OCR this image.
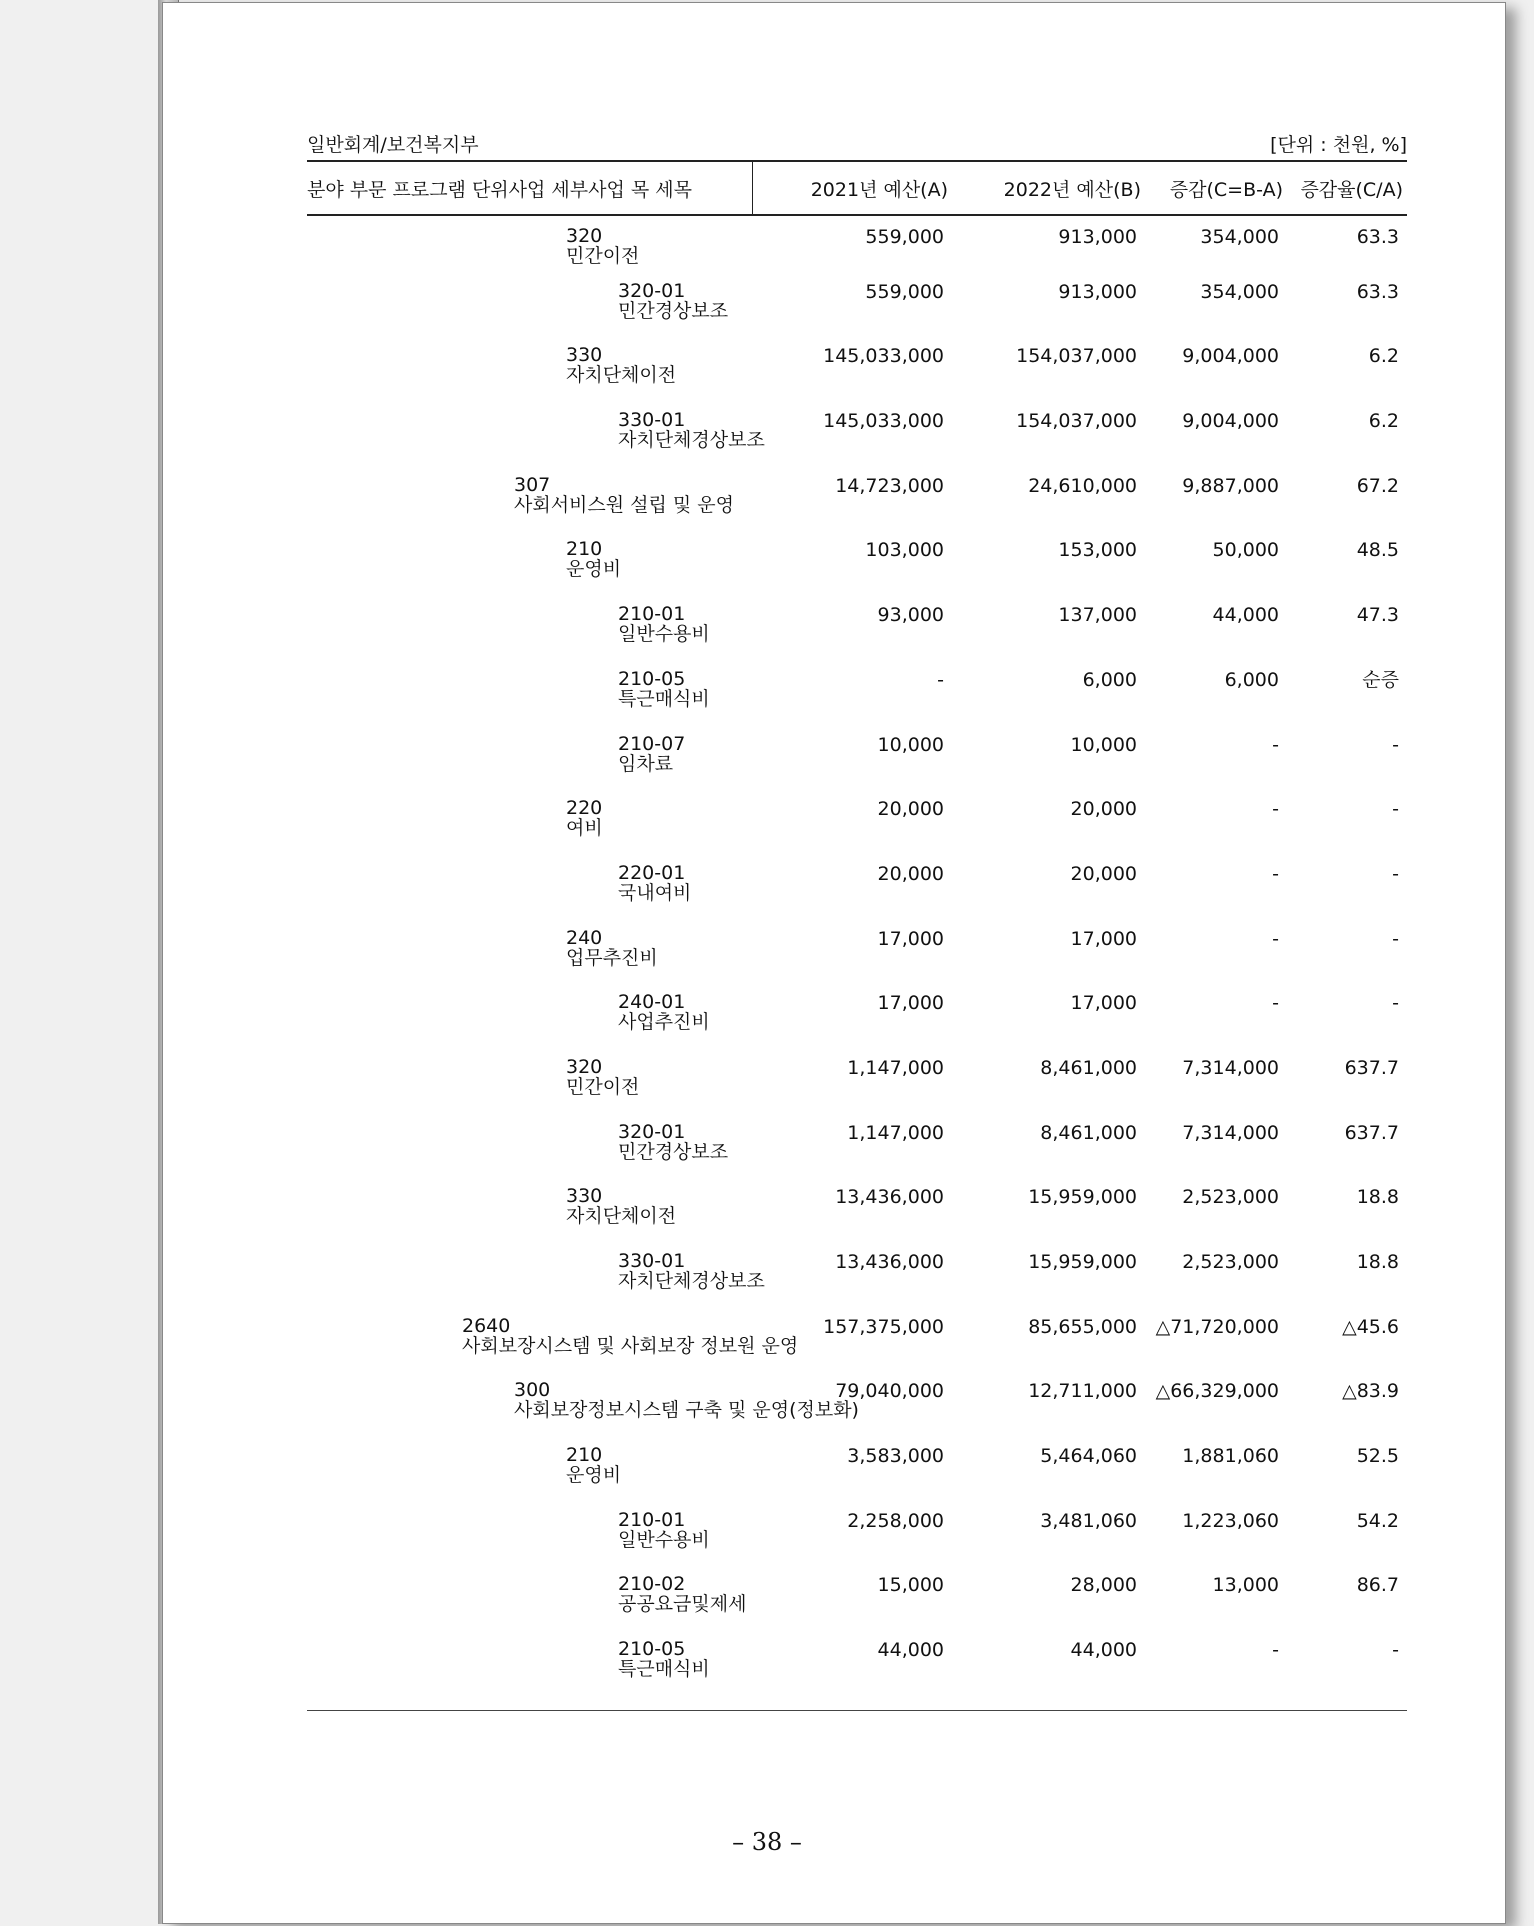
일반회계/보건복지부	[단위 : 천원, %]
분야 부문 프로그램 단위사업 세부사업 목 세목	2021년 예산(A)	2022년 예산(B)	증감(C=B-A)	증감율(C/A)

320
민간이전	559,000	913,000	354,000	63.3

320-01
민간경상보조	559,000	913,000	354,000	63.3

330
자치단체이전	145,033,000	154,037,000	9,004,000	6.2

330-01
자치단체경상보조	145,033,000	154,037,000	9,004,000	6.2

307
사회서비스원 설립 및 운영	14,723,000	24,610,000	9,887,000	67.2

210
운영비	103,000	153,000	50,000	48.5

210-01
일반수용비	93,000	137,000	44,000	47.3

210-05
특근매식비	-	6,000	6,000	순증

210-07
임차료	10,000	10,000	-	-

220
여비	20,000	20,000	-	-

220-01
국내여비	20,000	20,000	-	-

240
업무추진비	17,000	17,000	-	-

240-01
사업추진비	17,000	17,000	-	-

320
민간이전	1,147,000	8,461,000	7,314,000	637.7

320-01
민간경상보조	1,147,000	8,461,000	7,314,000	637.7

330
자치단체이전	13,436,000	15,959,000	2,523,000	18.8

330-01
자치단체경상보조	13,436,000	15,959,000	2,523,000	18.8

2640
사회보장시스템 및 사회보장 정보원 운영	157,375,000	85,655,000	△71,720,000	△45.6

300
사회보장정보시스템 구축 및 운영(정보화)	79,040,000	12,711,000	△66,329,000	△83.9

210
운영비	3,583,000	5,464,060	1,881,060	52.5

210-01
일반수용비	2,258,000	3,481,060	1,223,060	54.2

210-02
공공요금및제세	15,000	28,000	13,000	86.7

210-05
특근매식비	44,000	44,000	-	-
– 38 –
